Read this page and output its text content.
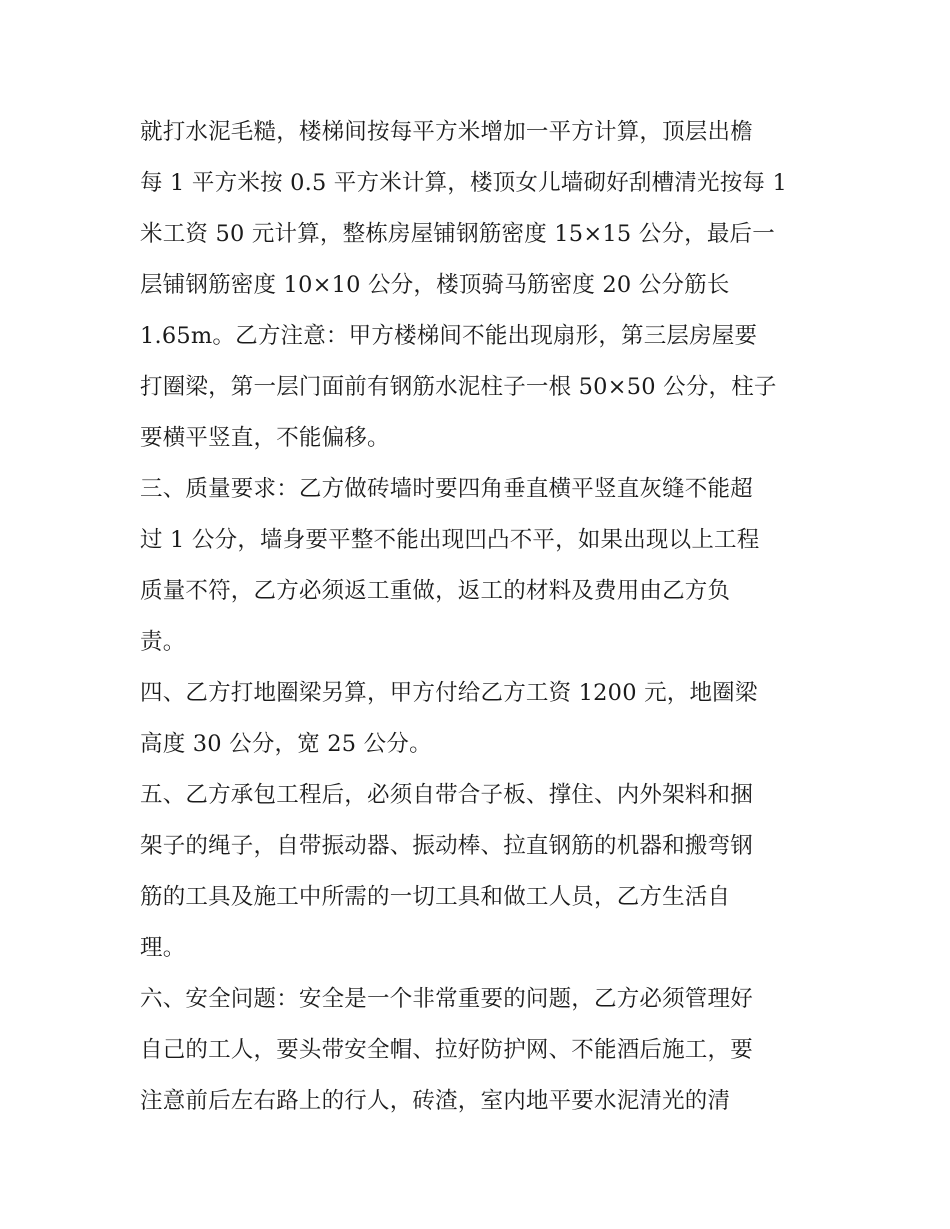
就打水泥毛糙，楼梯间按每平方米增加一平方计算，顶层出檐
每 1 平方米按 0.5 平方米计算，楼顶女儿墙砌好刮槽清光按每 1
米工资 50 元计算，整栋房屋铺钢筋密度 15×15 公分，最后一
层铺钢筋密度 10×10 公分，楼顶骑马筋密度 20 公分筋长
1.65m。乙方注意：甲方楼梯间不能出现扇形，第三层房屋要
打圈梁，第一层门面前有钢筋水泥柱子一根 50×50 公分，柱子
要横平竖直，不能偏移。
三、质量要求：乙方做砖墙时要四角垂直横平竖直灰缝不能超
过 1 公分，墙身要平整不能出现凹凸不平，如果出现以上工程
质量不符，乙方必须返工重做，返工的材料及费用由乙方负
责。
四、乙方打地圈梁另算，甲方付给乙方工资 1200 元，地圈梁
高度 30 公分，宽 25 公分。
五、乙方承包工程后，必须自带合子板、撑住、内外架料和捆
架子的绳子，自带振动器、振动棒、拉直钢筋的机器和搬弯钢
筋的工具及施工中所需的一切工具和做工人员，乙方生活自
理。
六、安全问题：安全是一个非常重要的问题，乙方必须管理好
自己的工人，要头带安全帽、拉好防护网、不能酒后施工，要
注意前后左右路上的行人，砖渣，室内地平要水泥清光的清
